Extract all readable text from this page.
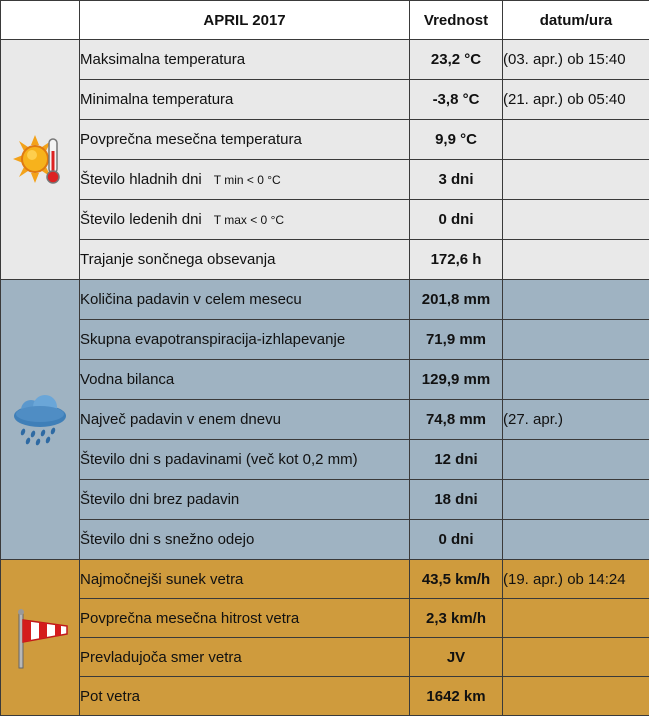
	APRIL 2017	Vrednost	datum/ura

	Maksimalna temperatura	23,2 °C	(03. apr.) ob 15:40
	Minimalna temperatura	-3,8 °C	(21. apr.) ob 05:40
	Povprečna mesečna temperatura	9,9 °C	
	Število hladnih dni T min < 0 °C	3 dni	
	Število ledenih dni T max < 0 °C	0 dni	
	Trajanje sončnega obsevanja	172,6 h	

	Količina padavin v celem mesecu	201,8 mm	
	Skupna evapotranspiracija-izhlapevanje	71,9 mm	
	Vodna bilanca	129,9 mm	
	Največ padavin v enem dnevu	74,8 mm	(27. apr.)
	Število dni s padavinami (več kot 0,2 mm)	12 dni	
	Število dni brez padavin	18 dni	
	Število dni s snežno odejo	0 dni	

	Najmočnejši sunek vetra	43,5 km/h	(19. apr.) ob 14:24
	Povprečna mesečna hitrost vetra	2,3 km/h	
	Prevladujoča smer vetra	JV	
	Pot vetra	1642 km	
